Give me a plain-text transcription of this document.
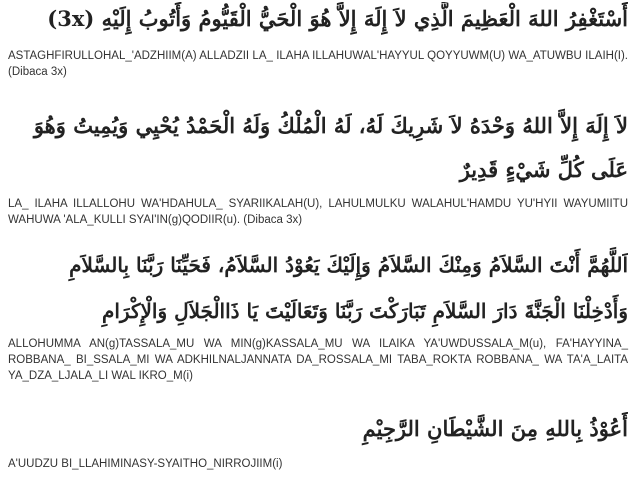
أَسْتَغْفِرُ اللهَ الْعَظِيمَ الَّذِي لاَ إِلَهَ إِلاَّ هُوَ الْحَيُّ الْقَيُّومُ وَأَتُوبُ إِلَيْهِ (3x)
ASTAGHFIRULLOHAL_'ADZHIIM(A) ALLADZII LA_ ILAHA ILLAHUWAL'HAYYUL QOYYUWM(U) WA_ATUWBU ILAIH(I). (Dibaca 3x)
لاَ إِلَهَ إِلاَّ اللهُ وَحْدَهُ لاَ شَرِيكَ لَهُ، لَهُ الْمُلْكُ وَلَهُ الْحَمْدُ يُحْيِي وَيُمِيتُ وَهُوَ عَلَى كُلِّ شَيْءٍ قَدِيرٌ
LA_ ILAHA ILLALLOHU WA'HDAHULA_ SYARIIKALAH(U), LAHULMULKU WALAHUL'HAMDU YU'HYII WAYUMIITU WAHUWA 'ALA_KULLI SYAI'IN(g)QODIIR(u). (Dibaca 3x)
اَللَّهُمَّ أَنْتَ السَّلاَمُ وَمِنْكَ السَّلاَمُ وَإِلَيْكَ يَعُوْدُ السَّلاَمُ، فَحَيِّنَا رَبَّنَا بِالسَّلاَمِ وَأَدْخِلْنَا الْجَنَّةَ دَارَ السَّلاَمِ تَبَارَكْتَ رَبَّنَا وَتَعَالَيْتَ يَا ذَاالْجَلاَلِ وَالْإِكْرَامِ
ALLOHUMMA AN(g)TASSALA_MU WA MIN(g)KASSALA_MU WA ILAIKA YA'UWDUSSALA_M(u), FA'HAYYINA_ ROBBANA_ BI_SSALA_MI WA ADKHILNALJANNATA DA_ROSSALA_MI TABA_ROKTA ROBBANA_ WA TA'A_LAITA YA_DZA_LJALA_LI WAL IKRO_M(i)
أَعُوْذُ بِاللهِ مِنَ الشَّيْطَانِ الرَّجِيْمِ
A'UUDZU BI_LLAHIMINASY-SYAITHO_NIRROJIIM(i)
